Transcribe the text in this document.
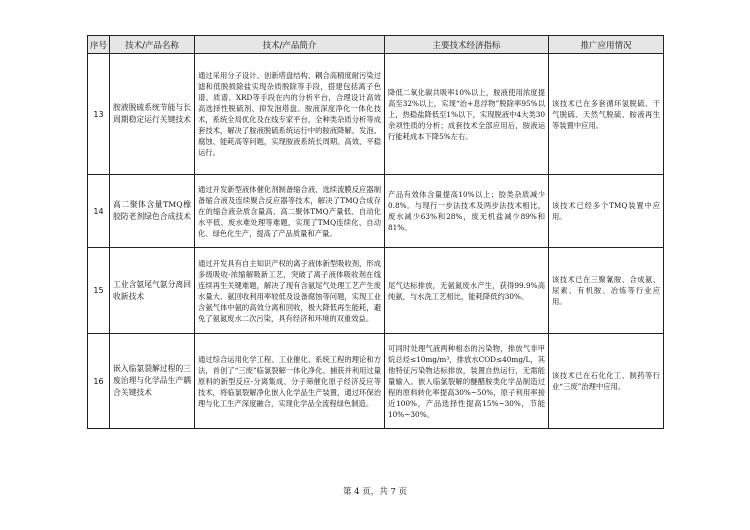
序号	技术/产品名称	技术/产品简介	主要技术经济指标	推广应用情况
13	胺液脱硫系统节能与长周期稳定运行关键技术	通过采用分子设计、创新塔盘结构、耦合高精度耐污染过滤和低脱损除盐实现杂质脱除等手段，搭建包括离子色谱、质谱、XRD等手段在内的分析平台，合理设计高效高选择性脱硫剂、抑发泡塔盘、胺液深度净化一体化技术，系统全局优化及在线专家平台，全种类杂质分析等成套技术，解决了胺液脱硫系统运行中的胺液降解、发泡、腐蚀、能耗高等问题，实现胺液系统长周期、高效、平稳运行。	降低二氧化碳共吸率10%以上，胺液使用浓度提高至32%以上，实现“治+息浮物”脱除率95%以上，热稳盐降低至1%以下，实现脱液中4大类30余项性质的分析；成套技术全部应用后，胺液运行能耗成本下降5%左右。	该技术已在多套循环氢脱硫、干气脱硫、天然气脱硫、胺液再生等装置中应用。
14	高二聚体含量TMQ橡胶防老剂绿色合成技术	通过开发新型液体催化剂制备缩合液、选续流膜反应器制备缩合液及连续聚合反应器等技术，解决了TMQ合成存在的缩合液杂质含量高、高二聚体TMQ产量低、自动化水平低、废水难处理等难题，实现了TMQ连续化、自动化、绿色化生产，提高了产品质量和产量。	产品有效体含量提高10%以上；胶类杂质减少0.8%。与现行一步法技术及两步法技术相比，废水减少63%和28%，废无机盐减少89%和81%。	该技术已经多个TMQ装置中应用。
15	工业含氨尾气氨分离回收新技术	通过开发具有自主知识产权的离子液体新型吸收剂，形成多级吸收-浓缩解吸新工艺，突破了离子液体吸收剂在线连续再生关键难题，解决了现有含氨尾气处理工艺产生废水量大、氨回收利用率较低及设备腐蚀等问题，实现工业含氨气体中氨的高效分离和回收，极大降低再生能耗，避免了氨氮废水二次污染，具有经济和环境的双重效益。	尾气达标排放，无氨氮废水产生，获得99.9%高纯氨，与水洗工艺相比，能耗降低约30%。	该技术已在三聚氰胺、合成氨、尿素、有机胺、冶炼等行业应用。
16	嵌入临氯裂解过程的三废治理与化学品生产耦合关键技术	通过综合运用化学工程、工业催化、系统工程的理论和方法，首创了“三废”临氯裂解一体化净化、捕获并利用过量原料的新型反应-分离集成、分子筛催化原子经济反应等技术，将临氯裂解净化嵌入化学品生产装置，通过环保治理与化工生产深度融合，实现化学品全流程绿色制造。	可同时处理气液两种相态的污染物，排放气非甲烷总烃≤10mg/m³，排放水COD≤40mg/L，其他特征污染物达标排放，装置自热运行，无需能量输入。嵌入临氯裂解的醚醋胺类化学品制造过程的原料转化率提高30%~50%，原子利用率接近100%，产品选择性提高15%~30%，节能10%~30%。	该技术已在石化化工、制药等行业“三废”治理中应用。
第 4 页，共 7 页
